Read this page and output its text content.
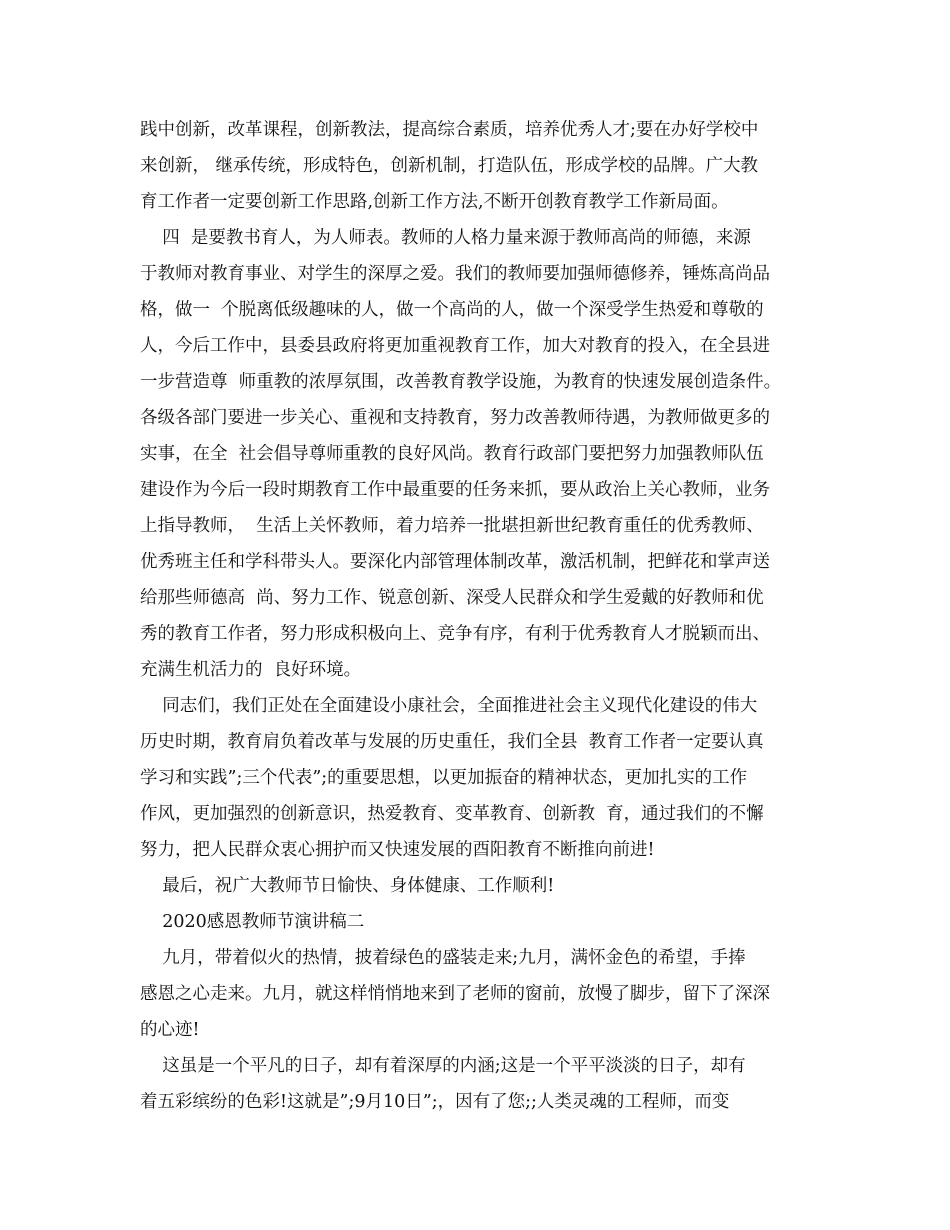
践中创新，改革课程，创新教法，提高综合素质，培养优秀人才;要在办好学校中
来创新， 继承传统，形成特色，创新机制，打造队伍，形成学校的品牌。广大教
育工作者一定要创新工作思路,创新工作方法,不断开创教育教学工作新局面。
四  是要教书育人，为人师表。教师的人格力量来源于教师高尚的师德，来源
于教师对教育事业、对学生的深厚之爱。我们的教师要加强师德修养，锤炼高尚品
格，做一  个脱离低级趣味的人，做一个高尚的人，做一个深受学生热爱和尊敬的
人，今后工作中，县委县政府将更加重视教育工作，加大对教育的投入，在全县进
一步营造尊  师重教的浓厚氛围，改善教育教学设施，为教育的快速发展创造条件。
各级各部门要进一步关心、重视和支持教育，努力改善教师待遇，为教师做更多的
实事，在全  社会倡导尊师重教的良好风尚。教育行政部门要把努力加强教师队伍
建设作为今后一段时期教育工作中最重要的任务来抓，要从政治上关心教师，业务
上指导教师，  生活上关怀教师，着力培养一批堪担新世纪教育重任的优秀教师、
优秀班主任和学科带头人。要深化内部管理体制改革，激活机制，把鲜花和掌声送
给那些师德高  尚、努力工作、锐意创新、深受人民群众和学生爱戴的好教师和优
秀的教育工作者，努力形成积极向上、竞争有序，有利于优秀教育人才脱颖而出、
充满生机活力的  良好环境。
同志们，我们正处在全面建设小康社会，全面推进社会主义现代化建设的伟大
历史时期，教育肩负着改革与发展的历史重任，我们全县  教育工作者一定要认真
学习和实践”;三个代表”;的重要思想，以更加振奋的精神状态，更加扎实的工作
作风，更加强烈的创新意识，热爱教育、变革教育、创新教  育，通过我们的不懈
努力，把人民群众衷心拥护而又快速发展的酉阳教育不断推向前进!
最后，祝广大教师节日愉快、身体健康、工作顺利!
2020感恩教师节演讲稿二
九月，带着似火的热情，披着绿色的盛装走来;九月，满怀金色的希望，手捧
感恩之心走来。九月，就这样悄悄地来到了老师的窗前，放慢了脚步，留下了深深
的心迹!
这虽是一个平凡的日子，却有着深厚的内涵;这是一个平平淡淡的日子，却有
着五彩缤纷的色彩!这就是”;9月10日”;，因有了您;;人类灵魂的工程师，而变
